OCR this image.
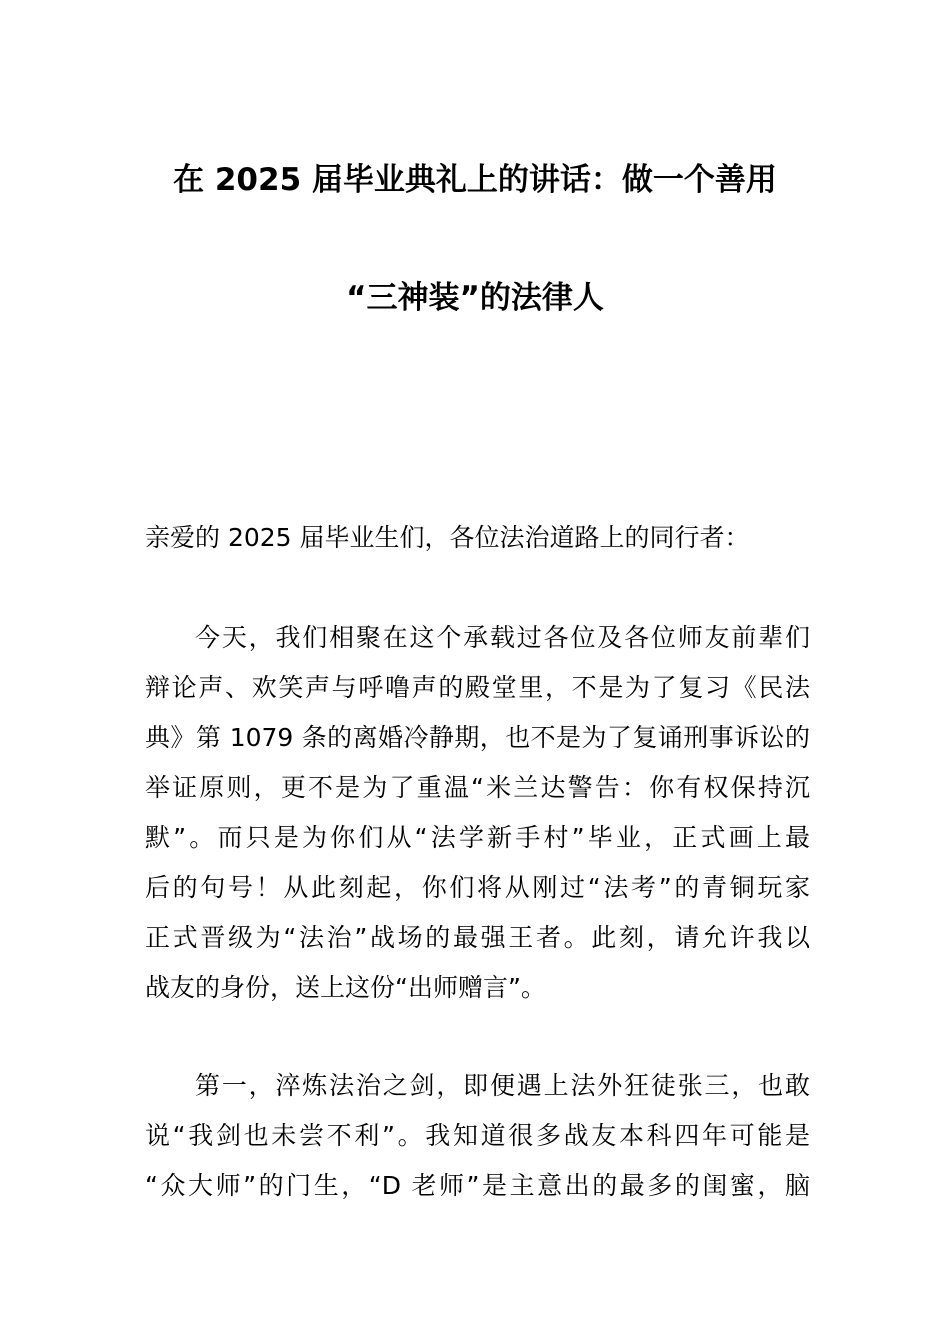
在 2025 届毕业典礼上的讲话：做一个善用
“三神装”的法律人

亲爱的 2025 届毕业生们，各位法治道路上的同行者：

今天，我们相聚在这个承载过各位及各位师友前辈们
辩论声、欢笑声与呼噜声的殿堂里，不是为了复习《民法
典》第 1079 条的离婚冷静期，也不是为了复诵刑事诉讼的
举证原则，更不是为了重温“米兰达警告：你有权保持沉
默”。而只是为你们从“法学新手村”毕业，正式画上最
后的句号！从此刻起，你们将从刚过“法考”的青铜玩家
正式晋级为“法治”战场的最强王者。此刻，请允许我以
战友的身份，送上这份“出师赠言”。
第一，淬炼法治之剑，即便遇上法外狂徒张三，也敢
说“我剑也未尝不利”。我知道很多战友本科四年可能是
“众大师”的门生，“D 老师”是主意出的最多的闺蜜，脑
